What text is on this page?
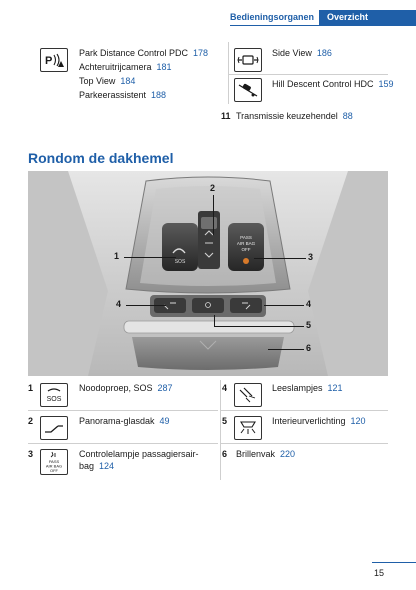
Bedieningsorganen	Overzicht
P
Park Distance Control PDC 178
Achteruitrijcamera 181
Top View 184
Parkeerassistent 188
Side View 186
Hill Descent Control HDC 159
11 Transmissie keuzehendel 88
Rondom de dakhemel
SOS
PASS
AIR BAG
OFF
1
2
3
4	4
5
6
1
SOS
Noodoproep, SOS 287
2	Panorama-glasdak 49
3
PASS
AIR BAG
OFF
Controlelampje passagiersair-
bag 124
4	Leeslampjes 121
5	Interieurverlichting 120
6 Brillenvak 220
15
